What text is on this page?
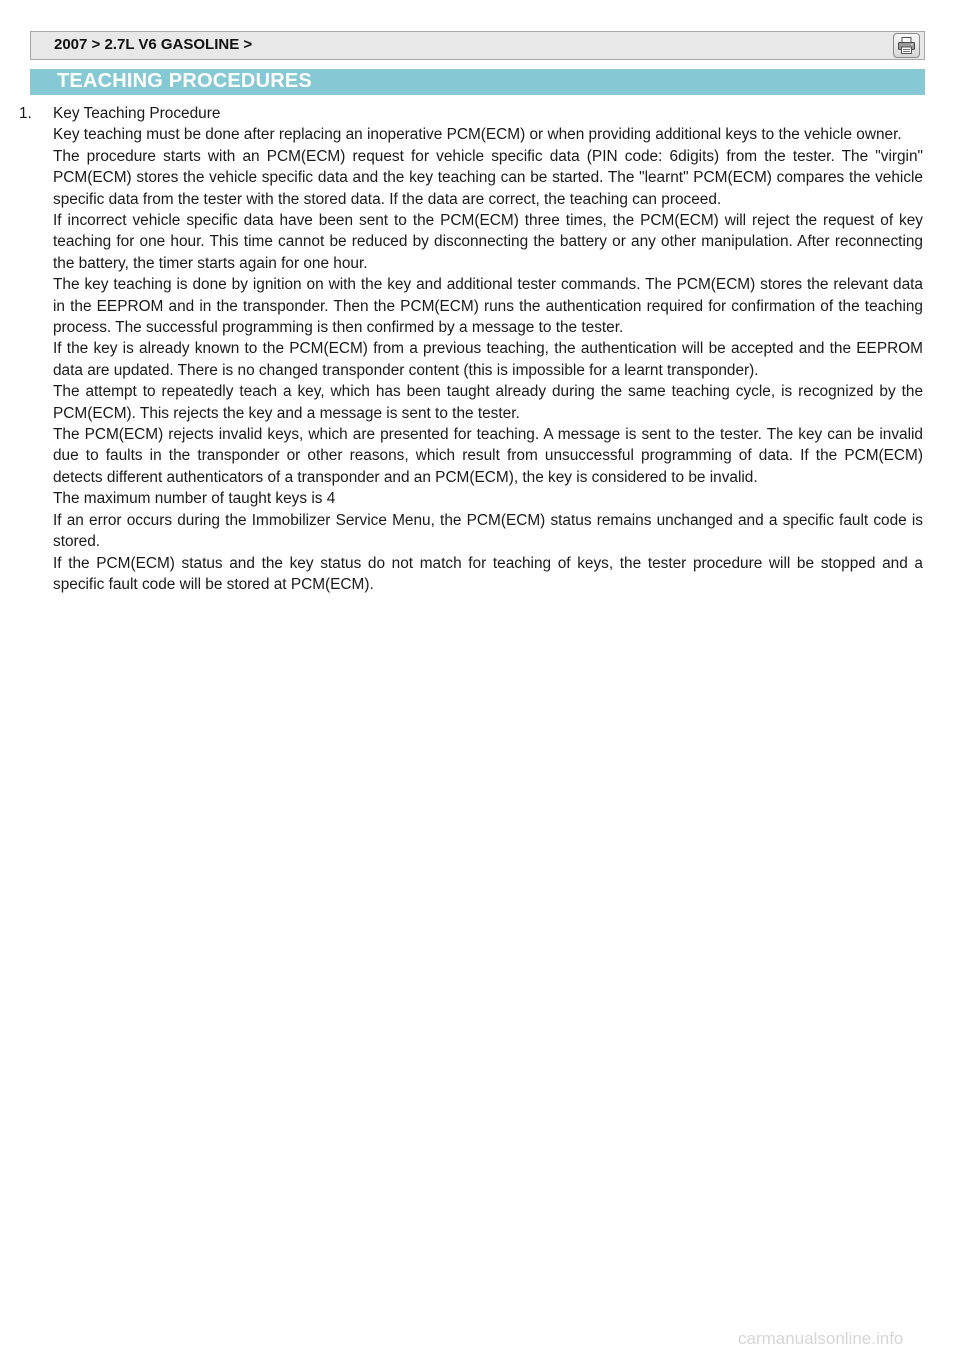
2007 > 2.7L V6 GASOLINE >
TEACHING PROCEDURES
1. Key Teaching Procedure

Key teaching must be done after replacing an inoperative PCM(ECM) or when providing additional keys to the vehicle owner.

The procedure starts with an PCM(ECM) request for vehicle specific data (PIN code: 6digits) from the tester. The "virgin" PCM(ECM) stores the vehicle specific data and the key teaching can be started. The "learnt" PCM(ECM) compares the vehicle specific data from the tester with the stored data. If the data are correct, the teaching can proceed.

If incorrect vehicle specific data have been sent to the PCM(ECM) three times, the PCM(ECM) will reject the request of key teaching for one hour. This time cannot be reduced by disconnecting the battery or any other manipulation. After reconnecting the battery, the timer starts again for one hour.

The key teaching is done by ignition on with the key and additional tester commands. The PCM(ECM) stores the relevant data in the EEPROM and in the transponder. Then the PCM(ECM) runs the authentication required for confirmation of the teaching process. The successful programming is then confirmed by a message to the tester.

If the key is already known to the PCM(ECM) from a previous teaching, the authentication will be accepted and the EEPROM data are updated. There is no changed transponder content (this is impossible for a learnt transponder).

The attempt to repeatedly teach a key, which has been taught already during the same teaching cycle, is recognized by the PCM(ECM). This rejects the key and a message is sent to the tester.

The PCM(ECM) rejects invalid keys, which are presented for teaching. A message is sent to the tester. The key can be invalid due to faults in the transponder or other reasons, which result from unsuccessful programming of data. If the PCM(ECM) detects different authenticators of a transponder and an PCM(ECM), the key is considered to be invalid.

The maximum number of taught keys is 4

If an error occurs during the Immobilizer Service Menu, the PCM(ECM) status remains unchanged and a specific fault code is stored.

If the PCM(ECM) status and the key status do not match for teaching of keys, the tester procedure will be stopped and a specific fault code will be stored at PCM(ECM).

carmanualsonline.info
